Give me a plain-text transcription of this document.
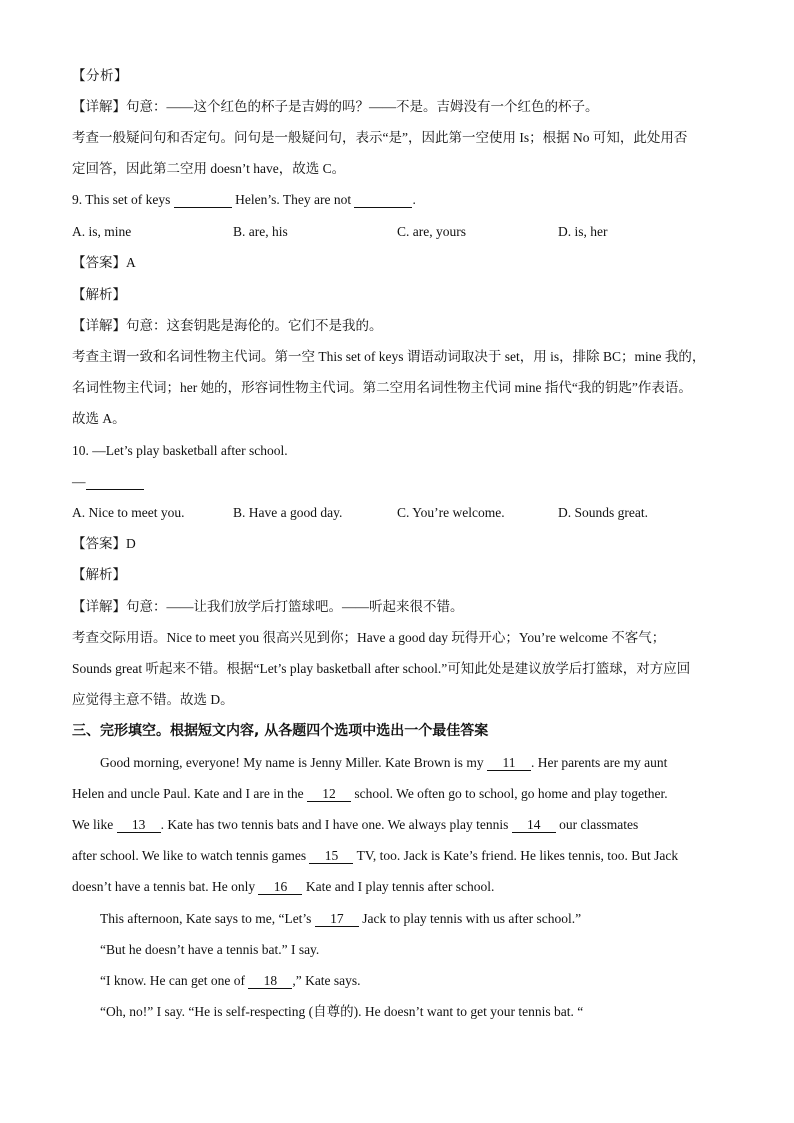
【分析】
【详解】句意：——这个红色的杯子是吉姆的吗？——不是。吉姆没有一个红色的杯子。
考查一般疑问句和否定句。问句是一般疑问句，表示“是”，因此第一空使用 Is；根据 No 可知，此处用否
定回答，因此第二空用 doesn’t have，故选 C。
9. This set of keys	Helen’s. They are not	.
A. is, mine	B. are, his	C. are, yours	D. is, her
【答案】A
【解析】
【详解】句意：这套钥匙是海伦的。它们不是我的。
考查主谓一致和名词性物主代词。第一空 This set of keys 谓语动词取决于 set，用 is，排除 BC；mine 我的，
名词性物主代词；her 她的，形容词性物主代词。第二空用名词性物主代词 mine 指代“我的钥匙”作表语。
故选 A。
10. —Let’s play basketball after school.
—
A. Nice to meet you.	B. Have a good day.	C. You’re welcome.	D. Sounds great.
【答案】D
【解析】
【详解】句意：——让我们放学后打篮球吧。——听起来很不错。
考查交际用语。Nice to meet you 很高兴见到你；Have a good day 玩得开心；You’re welcome 不客气；
Sounds great 听起来不错。根据“Let’s play basketball after school.”可知此处是建议放学后打篮球，对方应回
应觉得主意不错。故选 D。
三、完形填空。根据短文内容, 从各题四个选项中选出一个最佳答案
Good morning, everyone! My name is Jenny Miller. Kate Brown is my 11 . Her parents are my aunt
Helen and uncle Paul. Kate and I are in the 12 school. We often go to school, go home and play together.
We like 13 . Kate has two tennis bats and I have one. We always play tennis 14 our classmates
after school. We like to watch tennis games 15 TV, too. Jack is Kate’s friend. He likes tennis, too. But Jack
doesn’t have a tennis bat. He only 16 Kate and I play tennis after school.
This afternoon, Kate says to me, “Let’s 17 Jack to play tennis with us after school.”
“But he doesn’t have a tennis bat.” I say.
“I know. He can get one of 18 ,” Kate says.
“Oh, no!” I say. “He is self-respecting (自尊的). He doesn’t want to get your tennis bat. “
